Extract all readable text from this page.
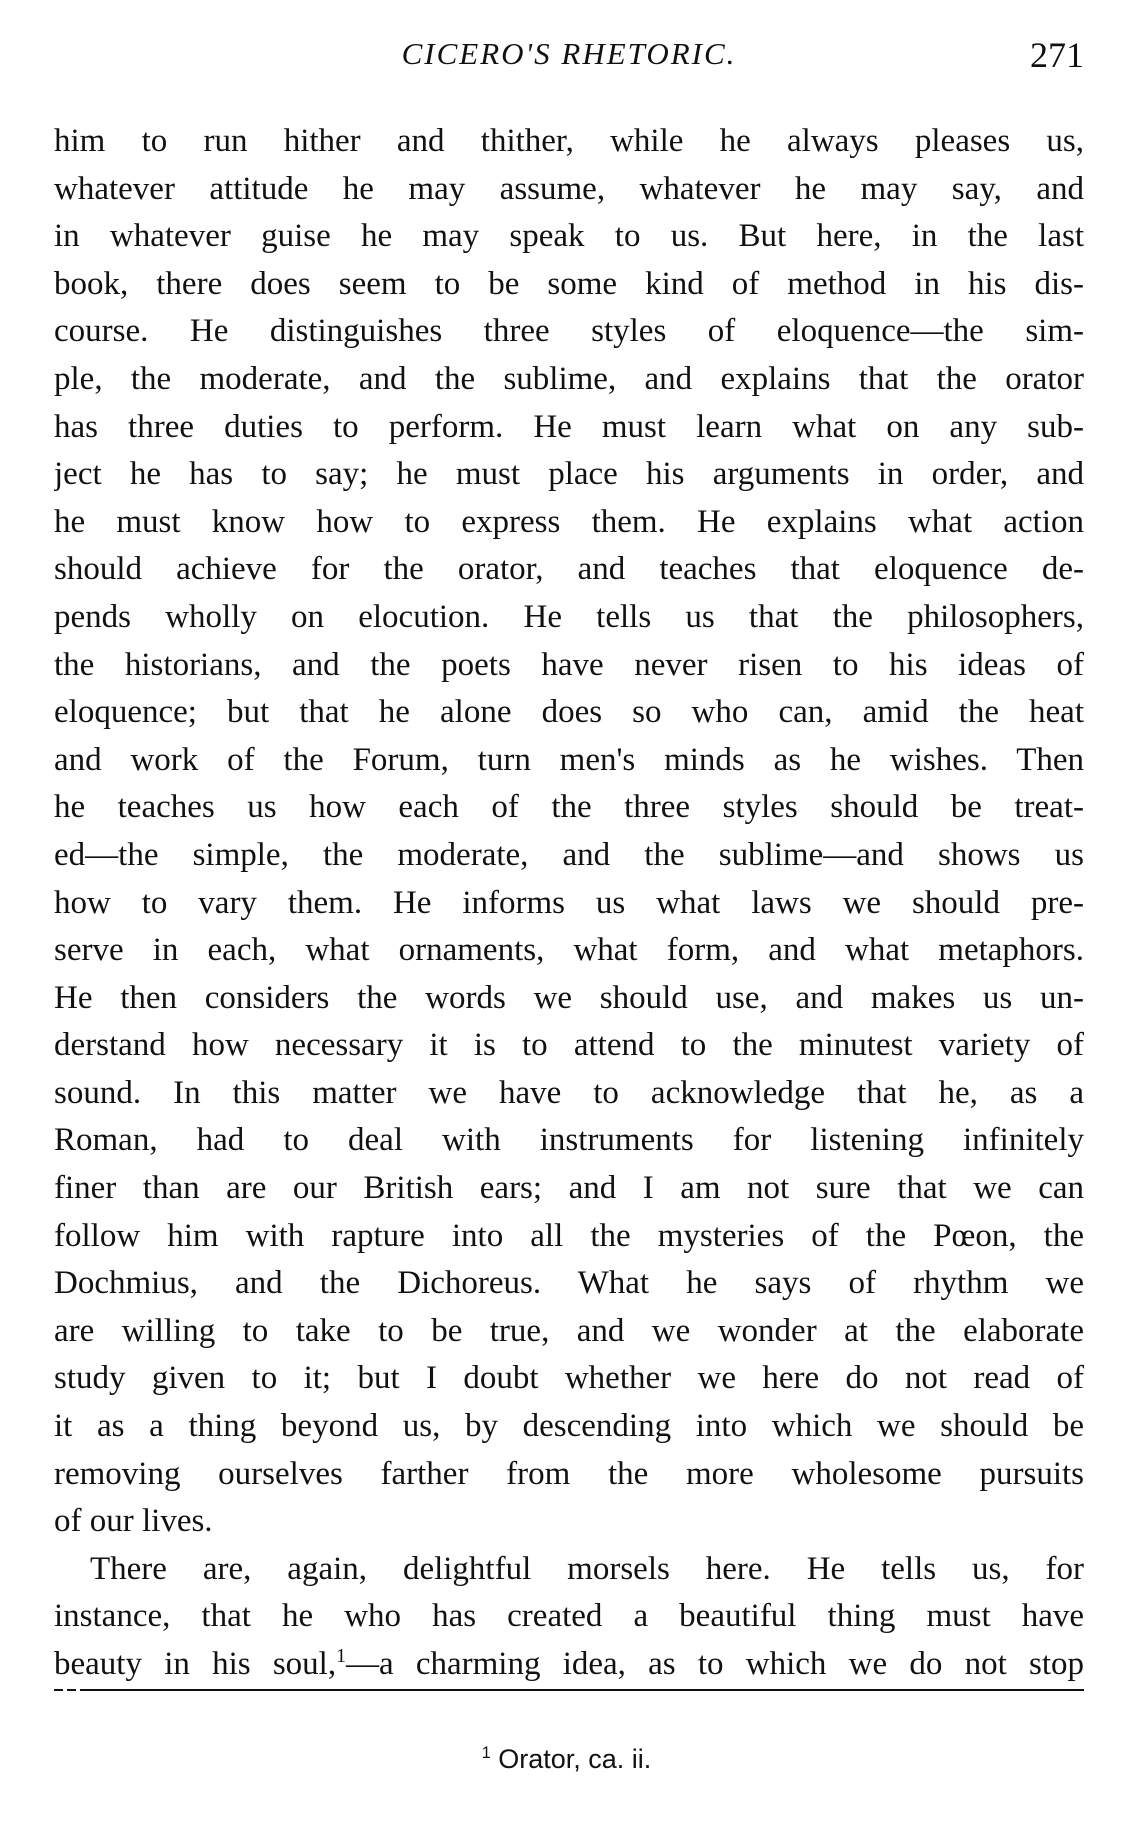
CICERO'S RHETORIC.	271
him to run hither and thither, while he always pleases us,
whatever attitude he may assume, whatever he may say, and
in whatever guise he may speak to us. But here, in the last
book, there does seem to be some kind of method in his dis-
course. He distinguishes three styles of eloquence—the sim-
ple, the moderate, and the sublime, and explains that the orator
has three duties to perform. He must learn what on any sub-
ject he has to say; he must place his arguments in order, and
he must know how to express them. He explains what action
should achieve for the orator, and teaches that eloquence de-
pends wholly on elocution. He tells us that the philosophers,
the historians, and the poets have never risen to his ideas of
eloquence; but that he alone does so who can, amid the heat
and work of the Forum, turn men's minds as he wishes. Then
he teaches us how each of the three styles should be treat-
ed—the simple, the moderate, and the sublime—and shows us
how to vary them. He informs us what laws we should pre-
serve in each, what ornaments, what form, and what metaphors.
He then considers the words we should use, and makes us un-
derstand how necessary it is to attend to the minutest variety of
sound. In this matter we have to acknowledge that he, as a
Roman, had to deal with instruments for listening infinitely
finer than are our British ears; and I am not sure that we can
follow him with rapture into all the mysteries of the Pœon, the
Dochmius, and the Dichoreus. What he says of rhythm we
are willing to take to be true, and we wonder at the elaborate
study given to it; but I doubt whether we here do not read of
it as a thing beyond us, by descending into which we should be
removing ourselves farther from the more wholesome pursuits
of our lives.
There are, again, delightful morsels here. He tells us, for
instance, that he who has created a beautiful thing must have
beauty in his soul,$^1$—a charming idea, as to which we do not stop
$^1$ Orator, ca. ii.
